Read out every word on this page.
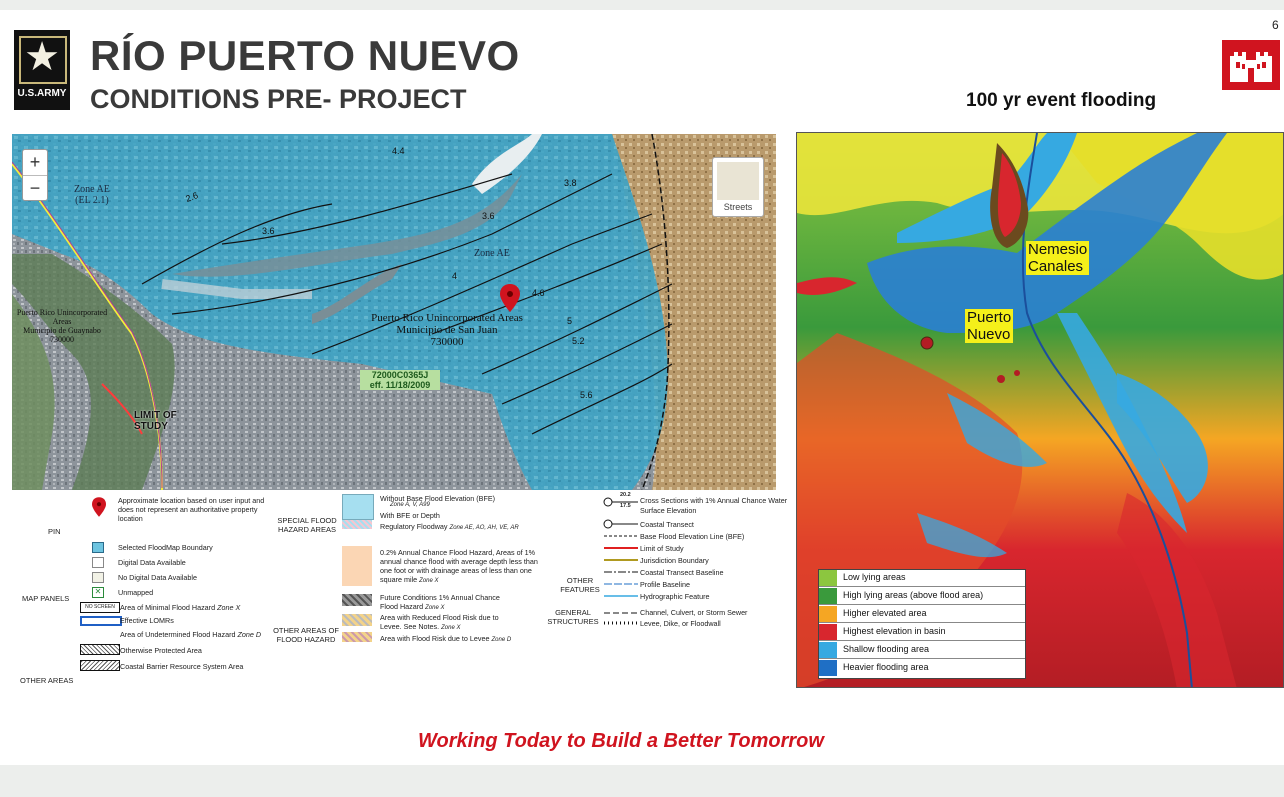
★
U.S.ARMY
RÍO PUERTO NUEVO
CONDITIONS PRE- PROJECT
6
100 yr event flooding
2.6
3.6
3.6
3.8
4
4.6
5
5.2
5.6
4.4
Zone AE
(EL 2.1)
Zone AE
Puerto Rico Unincorporated Areas
Municipio de San Juan
730000
Puerto Rico Unincorporated Areas
Municipio de Guaynabo
730000
72000C0365J
eff. 11/18/2009
LIMIT OF
STUDY
+
−
Streets
PIN
Approximate location based on user input and does not represent an authoritative property location
Selected FloodMap Boundary
Digital Data Available
No Digital Data Available
✕	Unmapped
MAP PANELS
NO SCREEN Area of Minimal Flood Hazard Zone X
Effective LOMRs
Area of Undetermined Flood Hazard Zone D
Otherwise Protected Area
Coastal Barrier Resource System Area
OTHER AREAS
SPECIAL FLOOD
HAZARD AREAS
Without Base Flood Elevation (BFE)
Zone A, V, A99
With BFE or Depth
Regulatory Floodway Zone AE, AO, AH, VE, AR
0.2% Annual Chance Flood Hazard, Areas of 1% annual chance flood with average depth less than one foot or with drainage areas of less than one square mile Zone X
Future Conditions 1% Annual Chance Flood Hazard Zone X
Area with Reduced Flood Risk due to Levee. See Notes. Zone X
Area with Flood Risk due to Levee Zone D
OTHER AREAS OF
FLOOD HAZARD
OTHER
FEATURES
20.2
17.5
Cross Sections with 1% Annual Chance Water Surface Elevation
Coastal Transect
Base Flood Elevation Line (BFE)
Limit of Study
Jurisdiction Boundary
Coastal Transect Baseline
Profile Baseline
Hydrographic Feature
GENERAL
STRUCTURES
Channel, Culvert, or Storm Sewer
Levee, Dike, or Floodwall
Nemesio
Canales
Puerto
Nuevo
Low lying areas
High lying areas (above flood area)
Higher elevated area
Highest elevation in basin
Shallow flooding area
Heavier flooding area
Working Today to Build a Better Tomorrow
